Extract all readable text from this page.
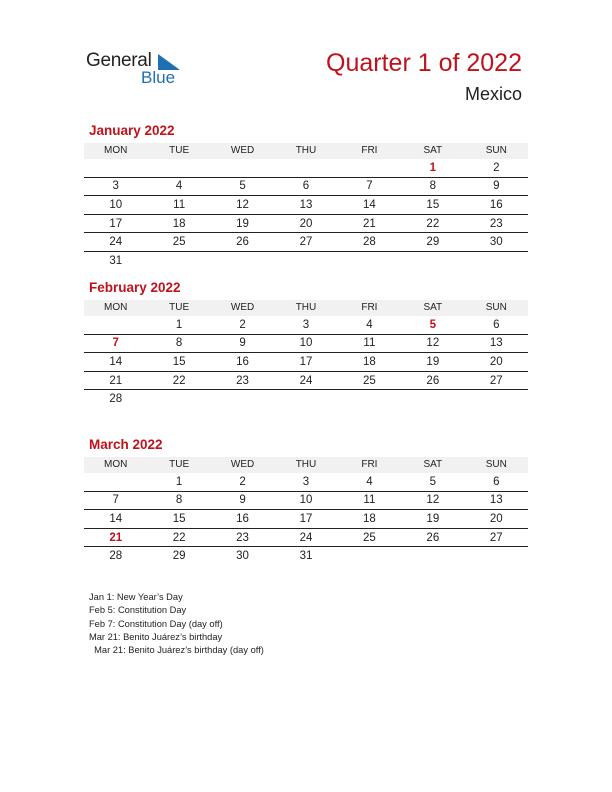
General
Blue
Quarter 1 of 2022
Mexico
January 2022
MON	TUE	WED	THU	FRI	SAT	SUN
					1	2
3	4	5	6	7	8	9
10	11	12	13	14	15	16
17	18	19	20	21	22	23
24	25	26	27	28	29	30
31						
February 2022
MON	TUE	WED	THU	FRI	SAT	SUN
	1	2	3	4	5	6
7	8	9	10	11	12	13
14	15	16	17	18	19	20
21	22	23	24	25	26	27
28						
March 2022
MON	TUE	WED	THU	FRI	SAT	SUN
	1	2	3	4	5	6
7	8	9	10	11	12	13
14	15	16	17	18	19	20
21	22	23	24	25	26	27
28	29	30	31			
Jan 1: New Year’s Day
Feb 5: Constitution Day
Feb 7: Constitution Day (day off)
Mar 21: Benito Juárez’s birthday
Mar 21: Benito Juárez’s birthday (day off)
